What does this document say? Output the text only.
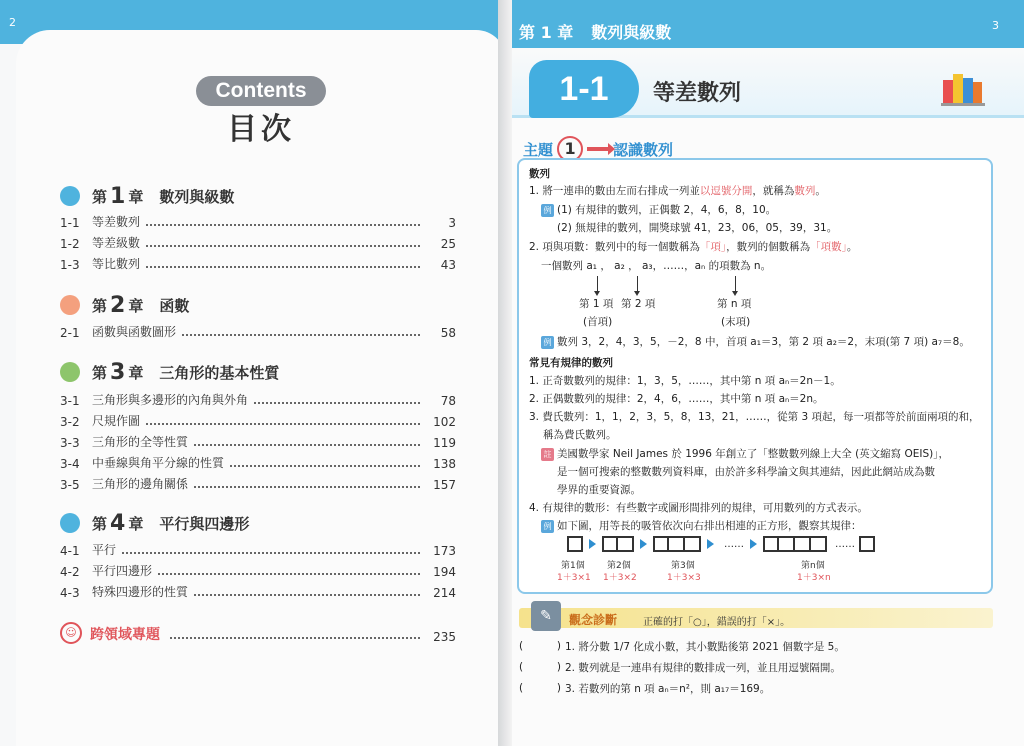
2
Contents
目次
第 1 章 數列與級數
1-1	等差數列	3
1-2	等差級數	25
1-3	等比數列	43
第 2 章 函數
2-1	函數與函數圖形	58
第 3 章 三角形的基本性質
3-1	三角形與多邊形的內角與外角	78
3-2	尺規作圖	102
3-3	三角形的全等性質	119
3-4	中垂線與角平分線的性質	138
3-5	三角形的邊角關係	157
第 4 章 平行與四邊形
4-1	平行	173
4-2	平行四邊形	194
4-3	特殊四邊形的性質	214
☺ 跨領域專題	235
第 1 章 數列與級數	3
1-1	等差數列
主題 1	認識數列
數列
1. 將一連串的數由左而右排成一列並以逗號分開，就稱為數列。
例 (1) 有規律的數列，正偶數 2，4，6，8，10。
(2) 無規律的數列，開獎球號 41，23，06，05，39，31。
2. 項與項數：數列中的每一個數稱為「項」，數列的個數稱為「項數」。
一個數列 a₁ ， a₂ ， a₃，……，aₙ 的項數為 n。
第 1 項 第 2 項	第 n 項
(首項)	(末項)
例 數列 3，2，4，3，5，－2，8 中，首項 a₁＝3，第 2 項 a₂＝2，末項(第 7 項) a₇＝8。
常見有規律的數列
1. 正奇數數列的規律：1，3，5，……，其中第 n 項 aₙ＝2n－1。
2. 正偶數數列的規律：2，4，6，……，其中第 n 項 aₙ＝2n。
3. 費氏數列：1，1，2，3，5，8，13，21，……，從第 3 項起，每一項都等於前面兩項的和，
稱為費氏數列。
註 美國數學家 Neil James 於 1996 年創立了「整數數列線上大全 (英文縮寫 OEIS)」，
是一個可搜索的整數數列資料庫，由於許多科學論文與其連結，因此此網站成為數
學界的重要資源。
4. 有規律的數形：有些數字或圖形間排列的規律，可用數列的方式表示。
例 如下圖，用等長的吸管依次向右排出相連的正方形，觀察其規律：
……	……
第1個
1＋3×1
第2個
1＋3×2
第3個
1＋3×3
第n個
1＋3×n
✎	觀念診斷	正確的打「○」，錯誤的打「×」。
(	) 1. 將分數 1/7 化成小數，其小數點後第 2021 個數字是 5。
(	) 2. 數列就是一連串有規律的數排成一列，並且用逗號隔開。
(	) 3. 若數列的第 n 項 aₙ＝n²，則 a₁₇＝169。
